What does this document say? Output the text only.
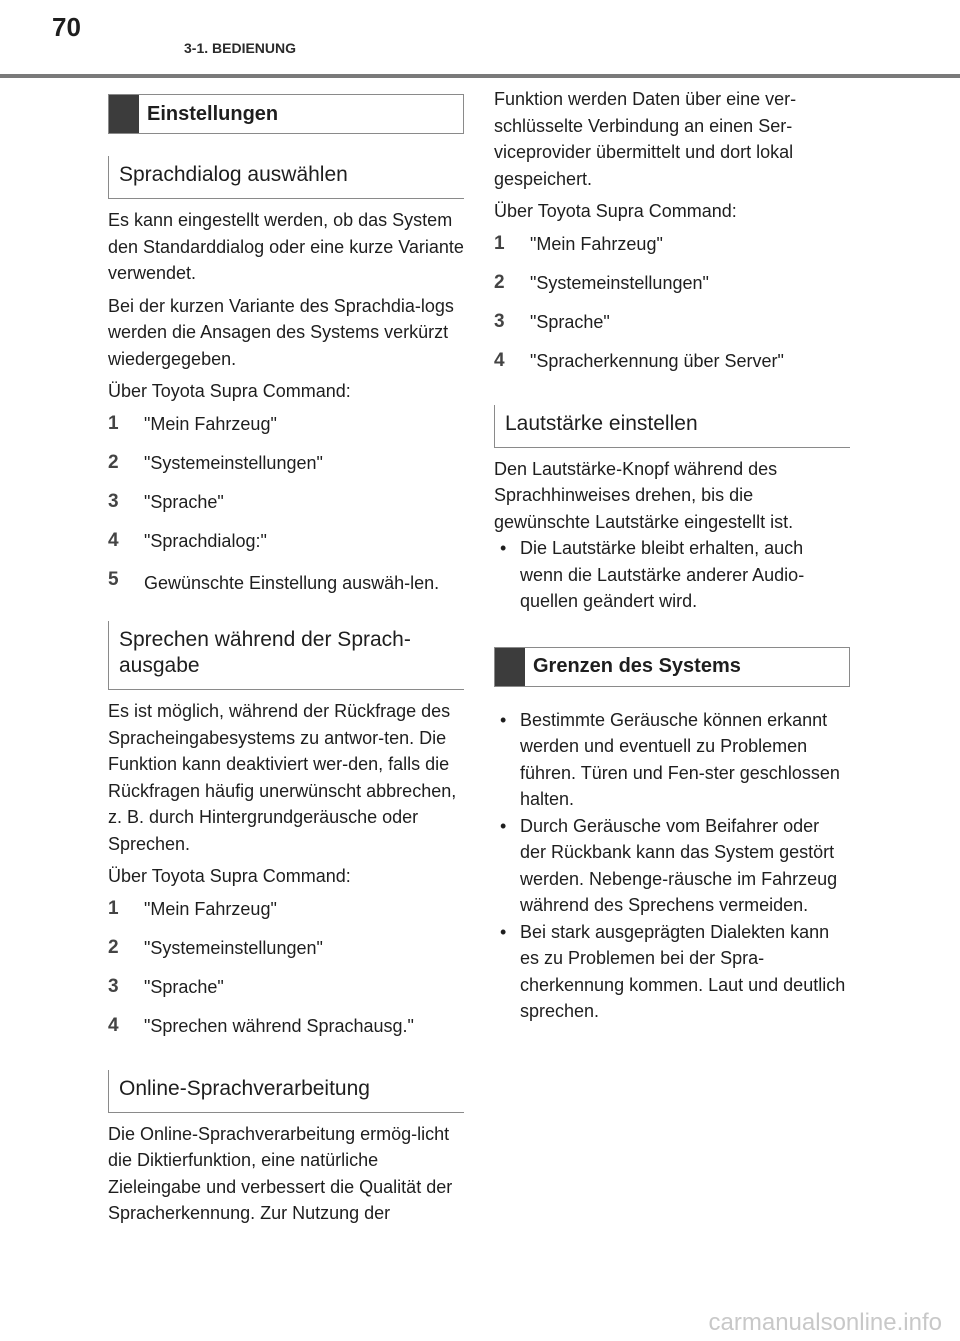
70
3-1. BEDIENUNG
Einstellungen
Sprachdialog auswählen

Es kann eingestellt werden, ob das System den Standarddialog oder eine kurze Variante verwendet.

Bei der kurzen Variante des Sprachdia-logs werden die Ansagen des Systems verkürzt wiedergegeben.

Über Toyota Supra Command:

1	"Mein Fahrzeug"
2	"Systemeinstellungen"
3	"Sprache"
4	"Sprachdialog:"
5	Gewünschte Einstellung auswäh-len.
Sprechen während der Sprach-ausgabe

Es ist möglich, während der Rückfrage des Spracheingabesystems zu antwor-ten. Die Funktion kann deaktiviert wer-den, falls die Rückfragen häufig unerwünscht abbrechen, z. B. durch Hintergrundgeräusche oder Sprechen.

Über Toyota Supra Command:

1	"Mein Fahrzeug"
2	"Systemeinstellungen"
3	"Sprache"
4	"Sprechen während Sprachausg."
Online-Sprachverarbeitung

Die Online-Sprachverarbeitung ermög-licht die Diktierfunktion, eine natürliche Zieleingabe und verbessert die Qualität der Spracherkennung. Zur Nutzung der

Funktion werden Daten über eine ver-schlüsselte Verbindung an einen Ser-viceprovider übermittelt und dort lokal gespeichert.

Über Toyota Supra Command:

1	"Mein Fahrzeug"
2	"Systemeinstellungen"
3	"Sprache"
4	"Spracherkennung über Server"
Lautstärke einstellen

Den Lautstärke-Knopf während des Sprachhinweises drehen, bis die gewünschte Lautstärke eingestellt ist.

• Die Lautstärke bleibt erhalten, auch wenn die Lautstärke anderer Audio-quellen geändert wird.
Grenzen des Systems
• Bestimmte Geräusche können erkannt werden und eventuell zu Problemen führen. Türen und Fen-ster geschlossen halten.
• Durch Geräusche vom Beifahrer oder der Rückbank kann das System gestört werden. Nebenge-räusche im Fahrzeug während des Sprechens vermeiden.
• Bei stark ausgeprägten Dialekten kann es zu Problemen bei der Spra-cherkennung kommen. Laut und deutlich sprechen.
carmanualsonline.info
